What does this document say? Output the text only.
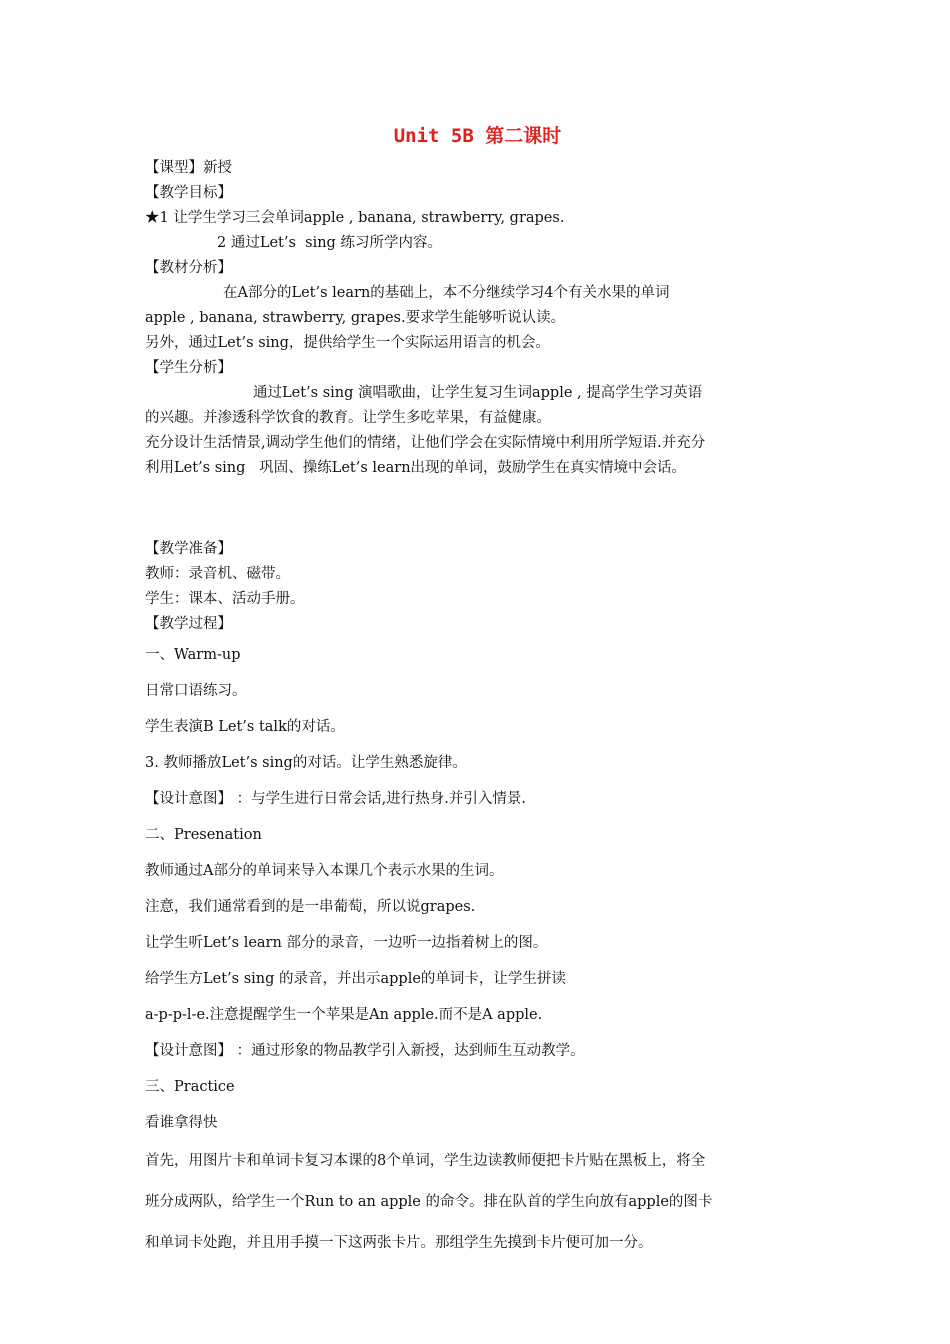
Unit 5B 第二课时

【课型】新授

【教学目标】

★1 让学生学习三会单词apple , banana, strawberry, grapes.

2 通过Let’s  sing 练习所学内容。

【教材分析】

在A部分的Let’s learn的基础上，本不分继续学习4个有关水果的单词

apple , banana, strawberry, grapes.要求学生能够听说认读。

另外，通过Let’s sing，提供给学生一个实际运用语言的机会。

【学生分析】

通过Let’s sing 演唱歌曲，让学生复习生词apple , 提高学生学习英语

的兴趣。并渗透科学饮食的教育。让学生多吃苹果，有益健康。

充分设计生活情景,调动学生他们的情绪，让他们学会在实际情境中利用所学短语.并充分

利用Let’s sing   巩固、操练Let’s learn出现的单词，鼓励学生在真实情境中会话。

【教学准备】

教师：录音机、磁带。

学生：课本、活动手册。

【教学过程】

一、Warm-up

日常口语练习。

学生表演B Let’s talk的对话。

3. 教师播放Let’s sing的对话。让学生熟悉旋律。

【设计意图】 ：与学生进行日常会话,进行热身.并引入情景.

二、Presenation

教师通过A部分的单词来导入本课几个表示水果的生词。

注意，我们通常看到的是一串葡萄，所以说grapes.

让学生听Let’s learn 部分的录音，一边听一边指着树上的图。

给学生方Let’s sing 的录音，并出示apple的单词卡，让学生拼读

a-p-p-l-e.注意提醒学生一个苹果是An apple.而不是A apple.

【设计意图】 ：通过形象的物品教学引入新授，达到师生互动教学。

三、Practice

看谁拿得快

首先，用图片卡和单词卡复习本课的8个单词，学生边读教师便把卡片贴在黑板上，将全

班分成两队，给学生一个Run to an apple 的命令。排在队首的学生向放有apple的图卡

和单词卡处跑，并且用手摸一下这两张卡片。那组学生先摸到卡片便可加一分。
